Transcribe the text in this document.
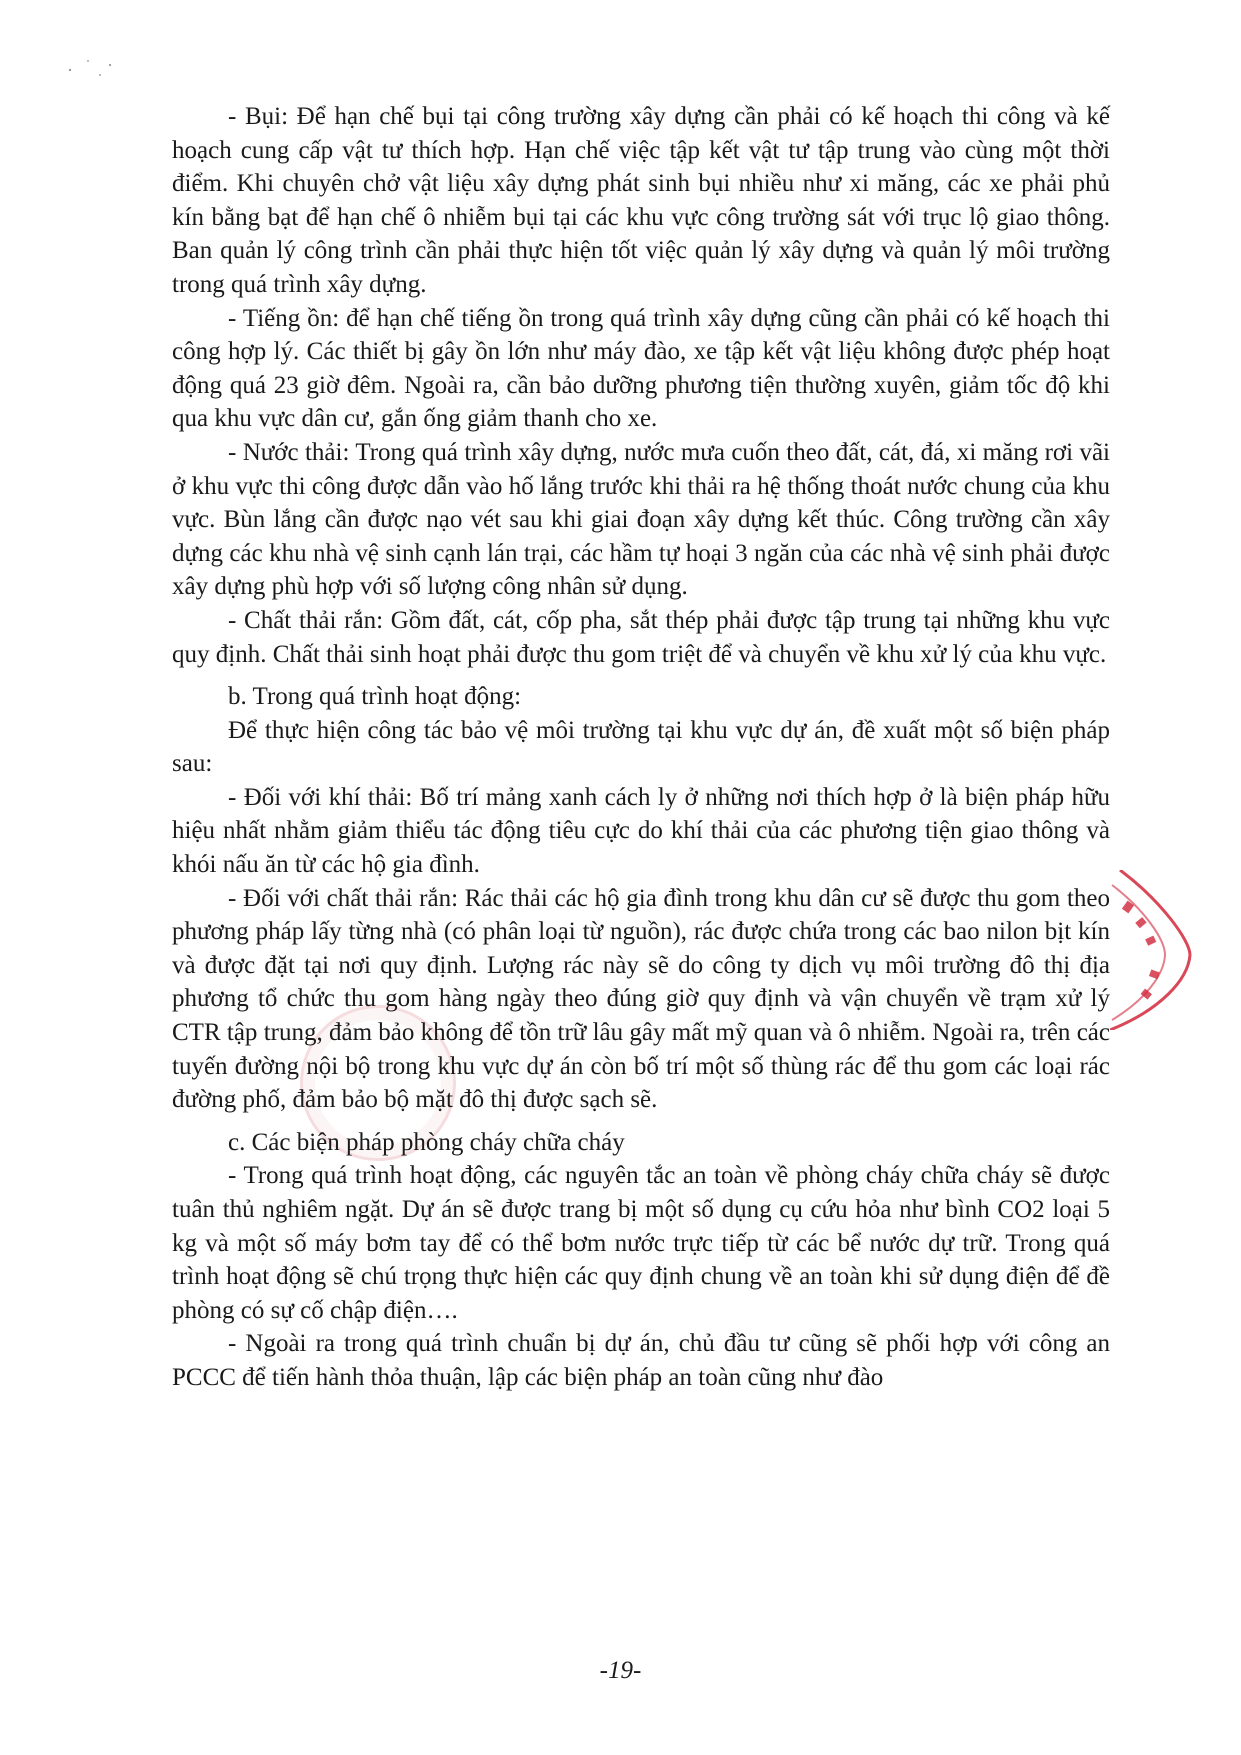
- Bụi: Để hạn chế bụi tại công trường xây dựng cần phải có kế hoạch thi công và kế hoạch cung cấp vật tư thích hợp. Hạn chế việc tập kết vật tư tập trung vào cùng một thời điểm. Khi chuyên chở vật liệu xây dựng phát sinh bụi nhiều như xi măng, các xe phải phủ kín bằng bạt để hạn chế ô nhiễm bụi tại các khu vực công trường sát với trục lộ giao thông. Ban quản lý công trình cần phải thực hiện tốt việc quản lý xây dựng và quản lý môi trường trong quá trình xây dựng.

- Tiếng ồn: để hạn chế tiếng ồn trong quá trình xây dựng cũng cần phải có kế hoạch thi công hợp lý. Các thiết bị gây ồn lớn như máy đào, xe tập kết vật liệu không được phép hoạt động quá 23 giờ đêm. Ngoài ra, cần bảo dưỡng phương tiện thường xuyên, giảm tốc độ khi qua khu vực dân cư, gắn ống giảm thanh cho xe.

- Nước thải: Trong quá trình xây dựng, nước mưa cuốn theo đất, cát, đá, xi măng rơi vãi ở khu vực thi công được dẫn vào hố lắng trước khi thải ra hệ thống thoát nước chung của khu vực. Bùn lắng cần được nạo vét sau khi giai đoạn xây dựng kết thúc. Công trường cần xây dựng các khu nhà vệ sinh cạnh lán trại, các hầm tự hoại 3 ngăn của các nhà vệ sinh phải được xây dựng phù hợp với số lượng công nhân sử dụng.

- Chất thải rắn: Gồm đất, cát, cốp pha, sắt thép phải được tập trung tại những khu vực quy định. Chất thải sinh hoạt phải được thu gom triệt để và chuyển về khu xử lý của khu vực.

b. Trong quá trình hoạt động:

Để thực hiện công tác bảo vệ môi trường tại khu vực dự án, đề xuất một số biện pháp sau:

- Đối với khí thải: Bố trí mảng xanh cách ly ở những nơi thích hợp ở là biện pháp hữu hiệu nhất nhằm giảm thiểu tác động tiêu cực do khí thải của các phương tiện giao thông và khói nấu ăn từ các hộ gia đình.

- Đối với chất thải rắn: Rác thải các hộ gia đình trong khu dân cư sẽ được thu gom theo phương pháp lấy từng nhà (có phân loại từ nguồn), rác được chứa trong các bao nilon bịt kín và được đặt tại nơi quy định. Lượng rác này sẽ do công ty dịch vụ môi trường đô thị địa phương tổ chức thu gom hàng ngày theo đúng giờ quy định và vận chuyển về trạm xử lý CTR tập trung, đảm bảo không để tồn trữ lâu gây mất mỹ quan và ô nhiễm. Ngoài ra, trên các tuyến đường nội bộ trong khu vực dự án còn bố trí một số thùng rác để thu gom các loại rác đường phố, đảm bảo bộ mặt đô thị được sạch sẽ.

c. Các biện pháp phòng cháy chữa cháy

- Trong quá trình hoạt động, các nguyên tắc an toàn về phòng cháy chữa cháy sẽ được tuân thủ nghiêm ngặt. Dự án sẽ được trang bị một số dụng cụ cứu hỏa như bình CO2 loại 5 kg và một số máy bơm tay để có thể bơm nước trực tiếp từ các bể nước dự trữ. Trong quá trình hoạt động sẽ chú trọng thực hiện các quy định chung về an toàn khi sử dụng điện để đề phòng có sự cố chập điện….

- Ngoài ra trong quá trình chuẩn bị dự án, chủ đầu tư cũng sẽ phối hợp với công an PCCC để tiến hành thỏa thuận, lập các biện pháp an toàn cũng như đào

-19-
